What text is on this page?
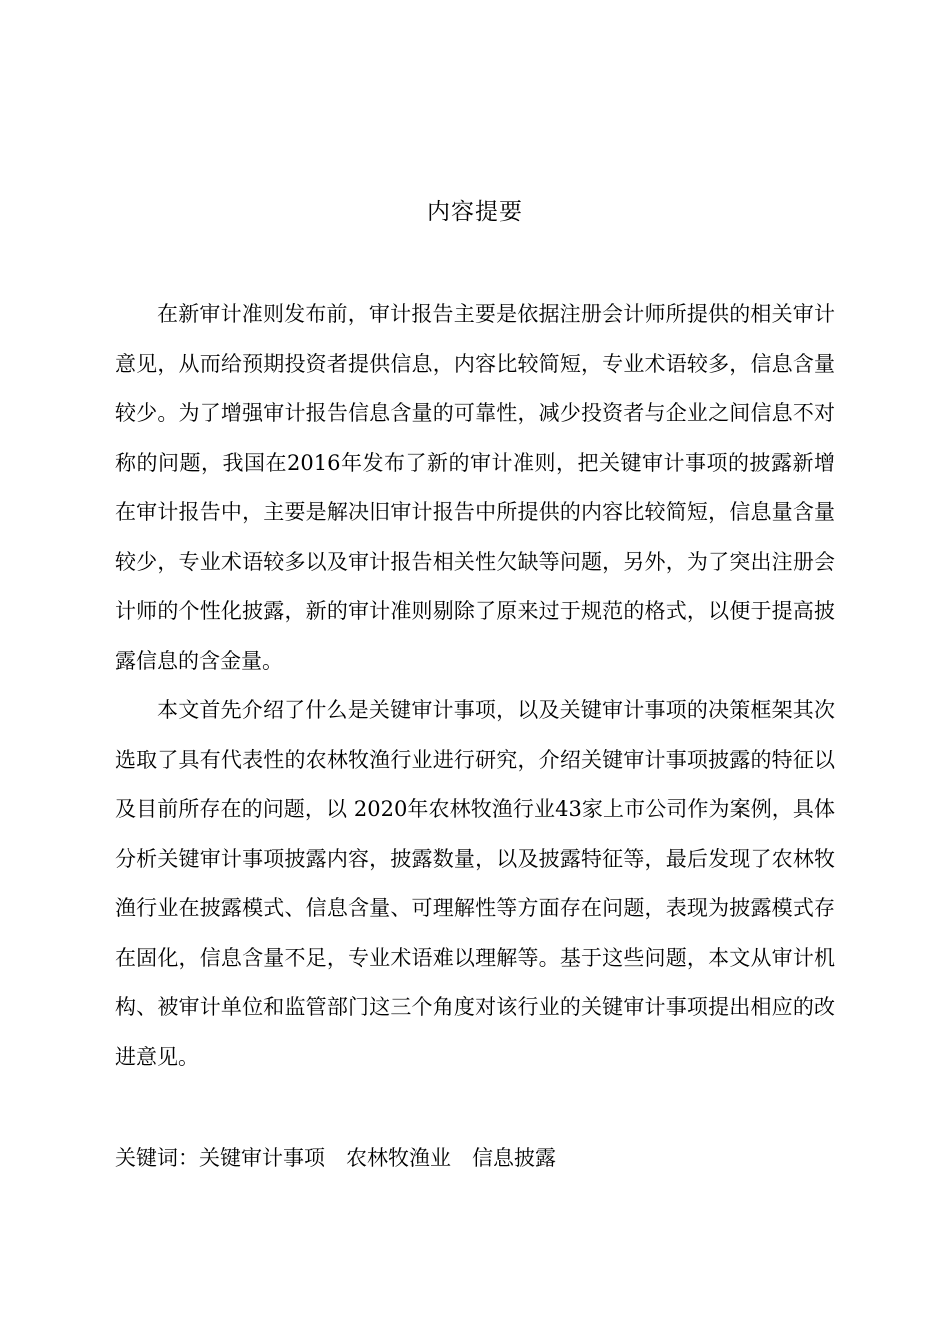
内容提要

在新审计准则发布前，审计报告主要是依据注册会计师所提供的相关审计意见，从而给预期投资者提供信息，内容比较简短，专业术语较多，信息含量较少。为了增强审计报告信息含量的可靠性，减少投资者与企业之间信息不对称的问题，我国在2016年发布了新的审计准则，把关键审计事项的披露新增在审计报告中，主要是解决旧审计报告中所提供的内容比较简短，信息量含量较少，专业术语较多以及审计报告相关性欠缺等问题，另外，为了突出注册会计师的个性化披露，新的审计准则剔除了原来过于规范的格式，以便于提高披露信息的含金量。

本文首先介绍了什么是关键审计事项，以及关键审计事项的决策框架其次选取了具有代表性的农林牧渔行业进行研究，介绍关键审计事项披露的特征以及目前所存在的问题，以 2020年农林牧渔行业43家上市公司作为案例，具体分析关键审计事项披露内容，披露数量，以及披露特征等，最后发现了农林牧渔行业在披露模式、信息含量、可理解性等方面存在问题，表现为披露模式存在固化，信息含量不足，专业术语难以理解等。基于这些问题，本文从审计机构、被审计单位和监管部门这三个角度对该行业的关键审计事项提出相应的改进意见。

关键词：关键审计事项 农林牧渔业 信息披露
